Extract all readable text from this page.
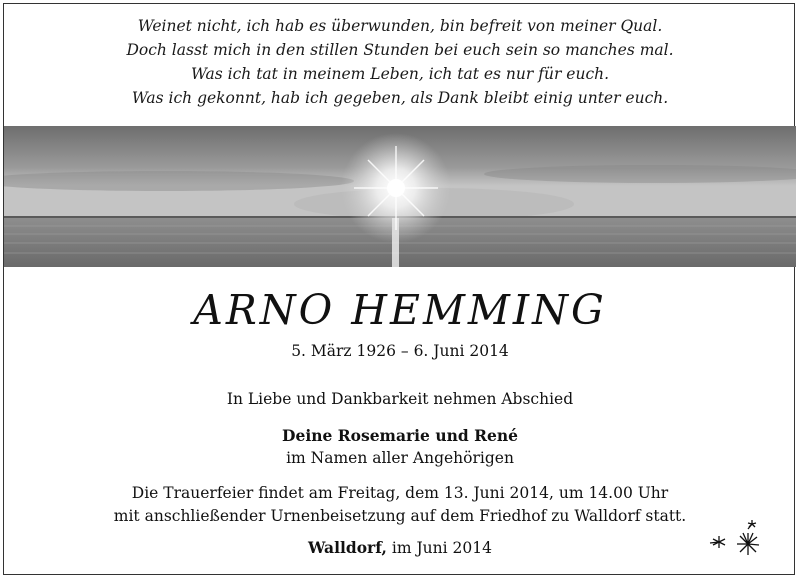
Weinet nicht, ich hab es überwunden, bin befreit von meiner Qual.
Doch lasst mich in den stillen Stunden bei euch sein so manches mal.
Was ich tat in meinem Leben, ich tat es nur für euch.
Was ich gekonnt, hab ich gegeben, als Dank bleibt einig unter euch.
ARNO HEMMING
5. März 1926 – 6. Juni 2014
In Liebe und Dankbarkeit nehmen Abschied
Deine Rosemarie und René
im Namen aller Angehörigen
Die Trauerfeier findet am Freitag, dem 13. Juni 2014, um 14.00 Uhr
mit anschließender Urnenbeisetzung auf dem Friedhof zu Walldorf statt.
Walldorf, im Juni 2014
